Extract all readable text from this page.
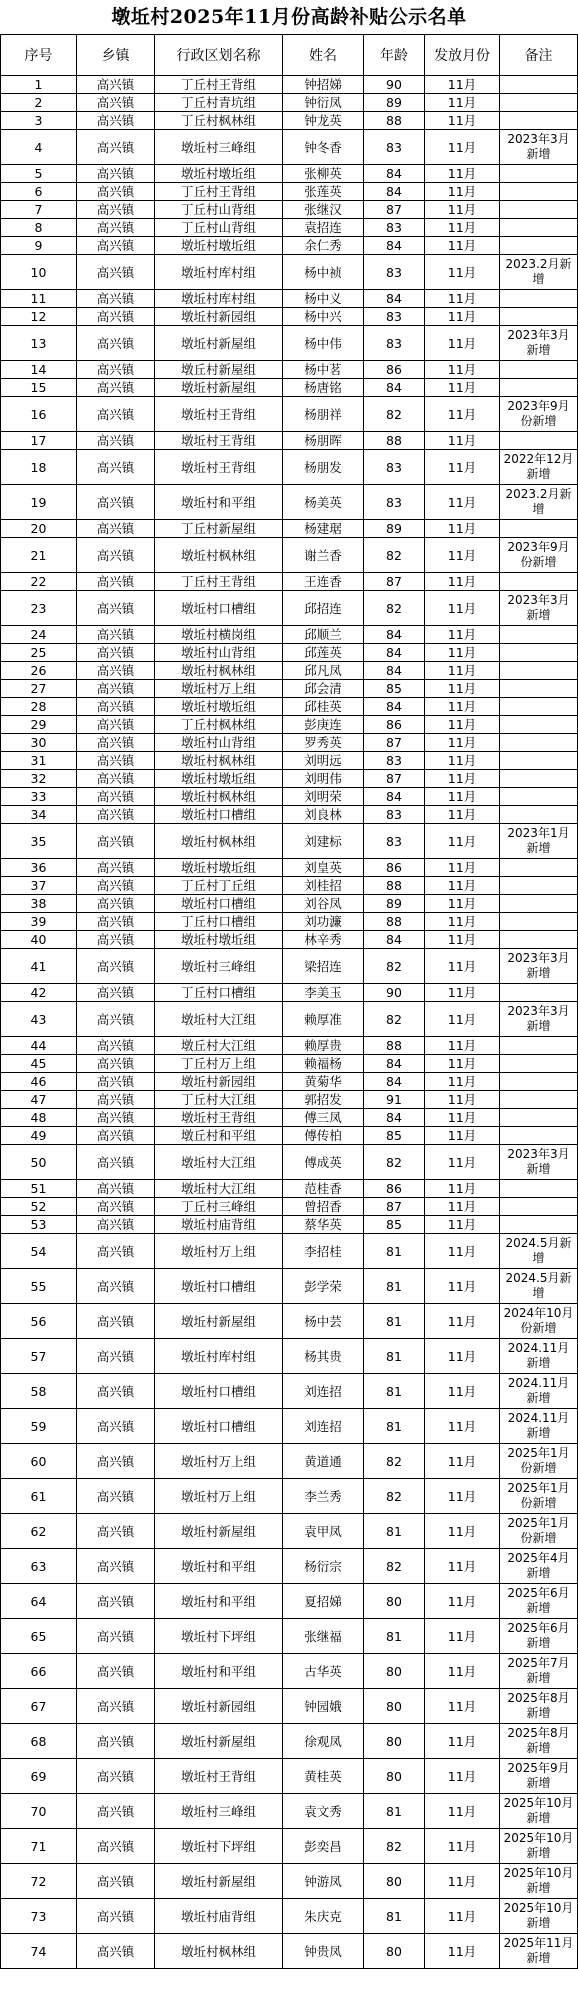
墩坵村2025年11月份高龄补贴公示名单
序号	乡镇	行政区划名称	姓名	年龄	发放月份	备注
1	高兴镇	丁丘村王背组	钟招娣	90	11月	
2	高兴镇	丁丘村青坑组	钟衍凤	89	11月	
3	高兴镇	丁丘村枫林组	钟龙英	88	11月	
4	高兴镇	墩坵村三峰组	钟冬香	83	11月	2023年3月新增
5	高兴镇	墩坵村墩坵组	张柳英	84	11月	
6	高兴镇	丁丘村王背组	张莲英	84	11月	
7	高兴镇	丁丘村山背组	张继汉	87	11月	
8	高兴镇	丁丘村山背组	袁招连	83	11月	
9	高兴镇	墩坵村墩坵组	余仁秀	84	11月	
10	高兴镇	墩坵村库村组	杨中祯	83	11月	2023.2月新增
11	高兴镇	墩坵村库村组	杨中义	84	11月	
12	高兴镇	墩坵村新园组	杨中兴	83	11月	
13	高兴镇	墩坵村新屋组	杨中伟	83	11月	2023年3月新增
14	高兴镇	墩丘村新屋组	杨中茗	86	11月	
15	高兴镇	墩坵村新屋组	杨唐铭	84	11月	
16	高兴镇	墩坵村王背组	杨朋祥	82	11月	2023年9月份新增
17	高兴镇	墩坵村王背组	杨朋晖	88	11月	
18	高兴镇	墩坵村王背组	杨朋发	83	11月	2022年12月新增
19	高兴镇	墩坵村和平组	杨美英	83	11月	2023.2月新增
20	高兴镇	丁丘村新屋组	杨建琚	89	11月	
21	高兴镇	墩坵村枫林组	谢兰香	82	11月	2023年9月份新增
22	高兴镇	丁丘村王背组	王连香	87	11月	
23	高兴镇	墩坵村口槽组	邱招连	82	11月	2023年3月新增
24	高兴镇	墩坵村横岗组	邱顺兰	84	11月	
25	高兴镇	墩坵村山背组	邱莲英	84	11月	
26	高兴镇	墩坵村枫林组	邱凡凤	84	11月	
27	高兴镇	墩坵村万上组	邱会清	85	11月	
28	高兴镇	墩坵村墩坵组	邱桂英	84	11月	
29	高兴镇	丁丘村枫林组	彭庚连	86	11月	
30	高兴镇	墩坵村山背组	罗秀英	87	11月	
31	高兴镇	墩坵村枫林组	刘明远	83	11月	
32	高兴镇	墩坵村墩坵组	刘明伟	87	11月	
33	高兴镇	墩坵村枫林组	刘明荣	84	11月	
34	高兴镇	墩坵村口槽组	刘良林	83	11月	
35	高兴镇	墩坵村枫林组	刘建标	83	11月	2023年1月新增
36	高兴镇	墩坵村墩坵组	刘皇英	86	11月	
37	高兴镇	丁丘村丁丘组	刘桂招	88	11月	
38	高兴镇	墩坵村口槽组	刘谷凤	89	11月	
39	高兴镇	丁丘村口槽组	刘功濂	88	11月	
40	高兴镇	墩坵村墩坵组	林辛秀	84	11月	
41	高兴镇	墩坵村三峰组	梁招连	82	11月	2023年3月新增
42	高兴镇	丁丘村口槽组	李美玉	90	11月	
43	高兴镇	墩坵村大江组	赖厚准	82	11月	2023年3月新增
44	高兴镇	墩丘村大江组	赖厚贵	88	11月	
45	高兴镇	丁丘村万上组	赖福杨	84	11月	
46	高兴镇	墩坵村新园组	黄菊华	84	11月	
47	高兴镇	丁丘村大江组	郭招发	91	11月	
48	高兴镇	墩坵村王背组	傅三凤	84	11月	
49	高兴镇	墩丘村和平组	傅传柏	85	11月	
50	高兴镇	墩坵村大江组	傅成英	82	11月	2023年3月新增
51	高兴镇	墩坵村大江组	范桂香	86	11月	
52	高兴镇	丁丘村三峰组	曾招香	87	11月	
53	高兴镇	墩坵村庙背组	蔡华英	85	11月	
54	高兴镇	墩坵村万上组	李招桂	81	11月	2024.5月新增
55	高兴镇	墩坵村口槽组	彭学荣	81	11月	2024.5月新增
56	高兴镇	墩坵村新屋组	杨中芸	81	11月	2024年10月份新增
57	高兴镇	墩坵村库村组	杨其贵	81	11月	2024.11月新增
58	高兴镇	墩坵村口槽组	刘连招	81	11月	2024.11月新增
59	高兴镇	墩坵村口槽组	刘连招	81	11月	2024.11月新增
60	高兴镇	墩坵村万上组	黄道通	82	11月	2025年1月份新增
61	高兴镇	墩坵村万上组	李兰秀	82	11月	2025年1月份新增
62	高兴镇	墩坵村新屋组	袁甲凤	81	11月	2025年1月份新增
63	高兴镇	墩坵村和平组	杨衍宗	82	11月	2025年4月新增
64	高兴镇	墩坵村和平组	夏招娣	80	11月	2025年6月新增
65	高兴镇	墩坵村下坪组	张继福	81	11月	2025年6月新增
66	高兴镇	墩坵村和平组	古华英	80	11月	2025年7月新增
67	高兴镇	墩坵村新园组	钟园娥	80	11月	2025年8月新增
68	高兴镇	墩坵村新屋组	徐观凤	80	11月	2025年8月新增
69	高兴镇	墩坵村王背组	黄桂英	80	11月	2025年9月新增
70	高兴镇	墩坵村三峰组	袁文秀	81	11月	2025年10月新增
71	高兴镇	墩坵村下坪组	彭奕昌	82	11月	2025年10月新增
72	高兴镇	墩坵村新屋组	钟游凤	80	11月	2025年10月新增
73	高兴镇	墩坵村庙背组	朱庆克	81	11月	2025年10月新增
74	高兴镇	墩坵村枫林组	钟贵凤	80	11月	2025年11月新增
